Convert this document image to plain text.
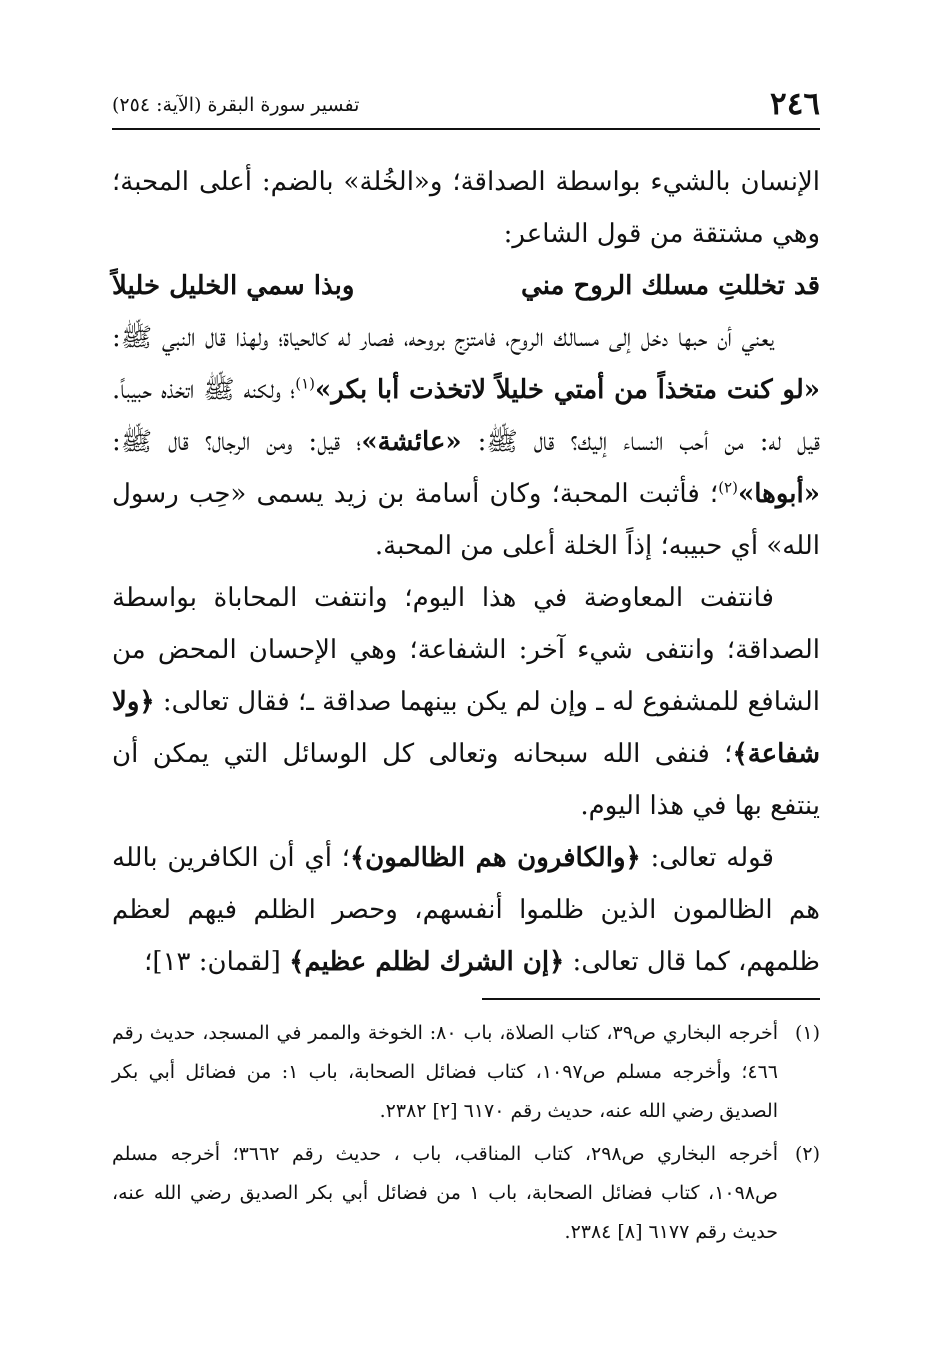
٢٤٦
تفسير سورة البقرة (الآية: ٢٥٤)

الإنسان بالشيء بواسطة الصداقة؛ و«الخُلة» بالضم: أعلى المحبة؛ وهي مشتقة من قول الشاعر:

قد تخللتِ مسلك الروح مني
وبذا سمي الخليل خليلاً

يعني أن حبها دخل إلى مسالك الروح، فامتزج بروحه، فصار له كالحياة؛ ولهذا قال النبي ﷺ: «لو كنت متخذاً من أمتي خليلاً لاتخذت أبا بكر»$^{(١)}$؛ ولكنه ﷺ اتخذه حبيباً. قيل له: من أحب النساء إليك؟ قال ﷺ: «عائشة»؛ قيل: ومن الرجال؟ قال ﷺ: «أبوها»$^{(٢)}$؛ فأثبت المحبة؛ وكان أسامة بن زيد يسمى «حِب رسول الله» أي حبيبه؛ إذاً الخلة أعلى من المحبة.

فانتفت المعاوضة في هذا اليوم؛ وانتفت المحاباة بواسطة الصداقة؛ وانتفى شيء آخر: الشفاعة؛ وهي الإحسان المحض من الشافع للمشفوع له ـ وإن لم يكن بينهما صداقة ـ؛ فقال تعالى: ﴿ولا شفاعة﴾؛ فنفى الله سبحانه وتعالى كل الوسائل التي يمكن أن ينتفع بها في هذا اليوم.

قوله تعالى: ﴿والكافرون هم الظالمون﴾؛ أي أن الكافرين بالله هم الظالمون الذين ظلموا أنفسهم، وحصر الظلم فيهم لعظم ظلمهم، كما قال تعالى: ﴿إن الشرك لظلم عظيم﴾ [لقمان: ١٣]؛

(١)
أخرجه البخاري ص٣٩، كتاب الصلاة، باب ٨٠: الخوخة والممر في المسجد، حديث رقم ٤٦٦؛ وأخرجه مسلم ص١٠٩٧، كتاب فضائل الصحابة، باب ١: من فضائل أبي بكر الصديق رضي الله عنه، حديث رقم ٦١٧٠ [٢] ٢٣٨٢.
(٢)
أخرجه البخاري ص٢٩٨، كتاب المناقب، باب ، حديث رقم ٣٦٦٢؛ أخرجه مسلم ص١٠٩٨، كتاب فضائل الصحابة، باب ١ من فضائل أبي بكر الصديق رضي الله عنه، حديث رقم ٦١٧٧ [٨] ٢٣٨٤.
